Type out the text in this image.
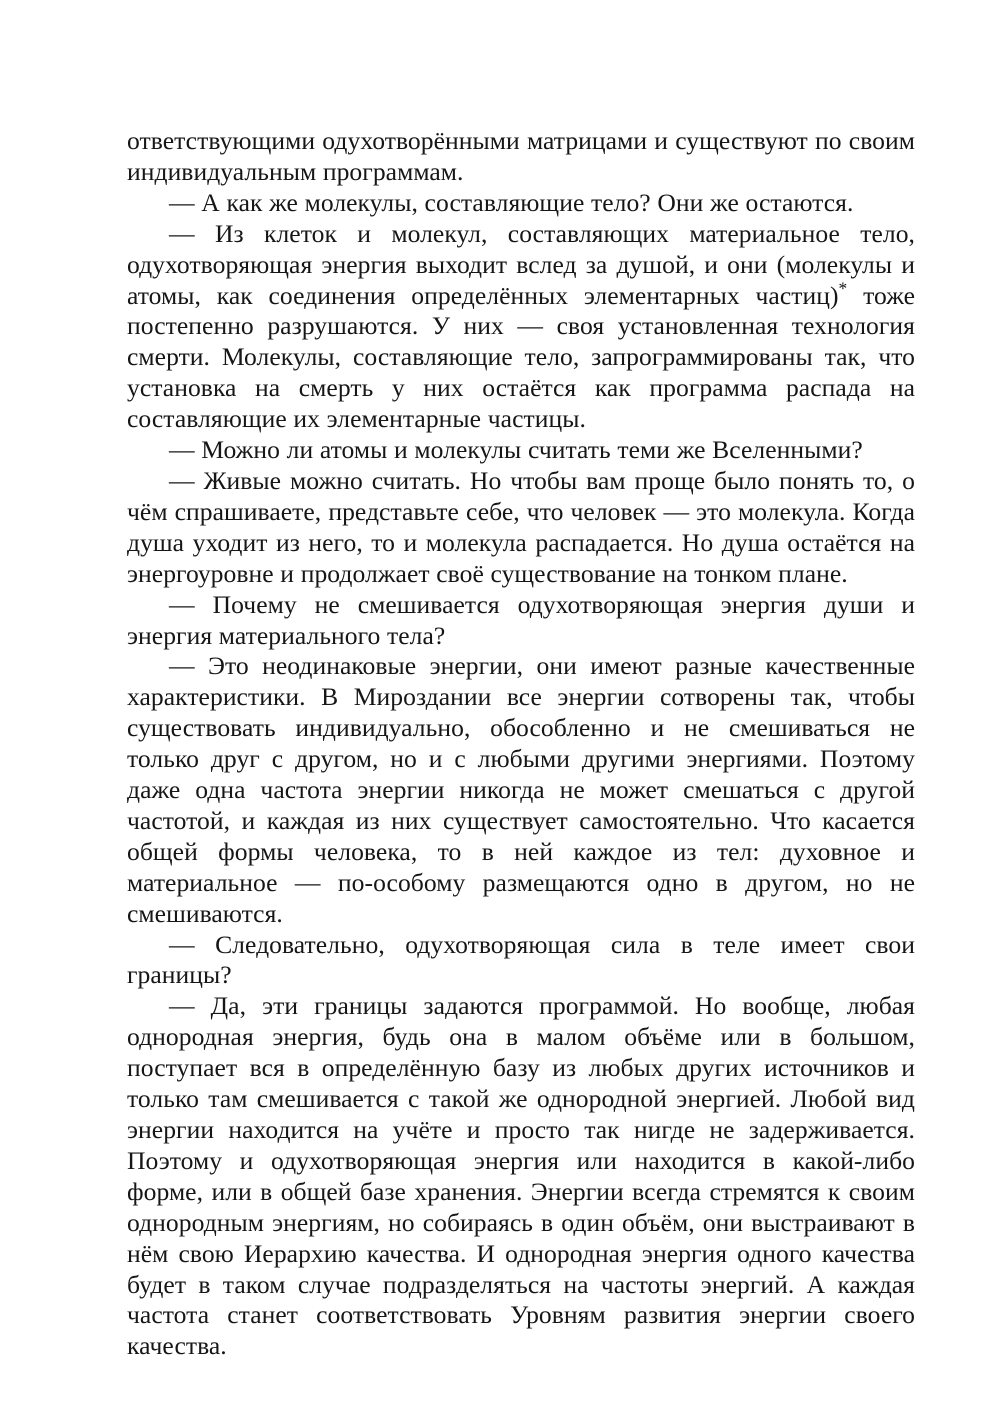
ответствующими одухотворёнными матрицами и существуют по своим индивидуальным программам.

— А как же молекулы, составляющие тело? Они же остаются.

— Из клеток и молекул, составляющих материальное тело, одухотворяющая энергия выходит вслед за душой, и они (молекулы и атомы, как соединения определённых элементарных частиц)* тоже постепенно разрушаются. У них — своя установленная технология смерти. Молекулы, составляющие тело, запрограммированы так, что установка на смерть у них остаётся как программа распада на составляющие их элементарные частицы.

— Можно ли атомы и молекулы считать теми же Вселенными?

— Живые можно считать. Но чтобы вам проще было понять то, о чём спрашиваете, представьте себе, что человек — это молекула. Когда душа уходит из него, то и молекула распадается. Но душа остаётся на энергоуровне и продолжает своё существование на тонком плане.

— Почему не смешивается одухотворяющая энергия души и энергия материального тела?

— Это неодинаковые энергии, они имеют разные качественные характеристики. В Мироздании все энергии сотворены так, чтобы существовать индивидуально, обособленно и не смешиваться не только друг с другом, но и с любыми другими энергиями. Поэтому даже одна частота энергии никогда не может смешаться с другой частотой, и каждая из них существует самостоятельно. Что касается общей формы человека, то в ней каждое из тел: духовное и материальное — по-особому размещаются одно в другом, но не смешиваются.

— Следовательно, одухотворяющая сила в теле имеет свои границы?

— Да, эти границы задаются программой. Но вообще, любая однородная энергия, будь она в малом объёме или в большом, поступает вся в определённую базу из любых других источников и только там смешивается с такой же однородной энергией. Любой вид энергии находится на учёте и просто так нигде не задерживается. Поэтому и одухотворяющая энергия или находится в какой-либо форме, или в общей базе хранения. Энергии всегда стремятся к своим однородным энергиям, но собираясь в один объём, они выстраивают в нём свою Иерархию качества. И однородная энергия одного качества будет в таком случае подразделяться на частоты энергий. А каждая частота станет соответствовать Уровням развития энергии своего качества.
